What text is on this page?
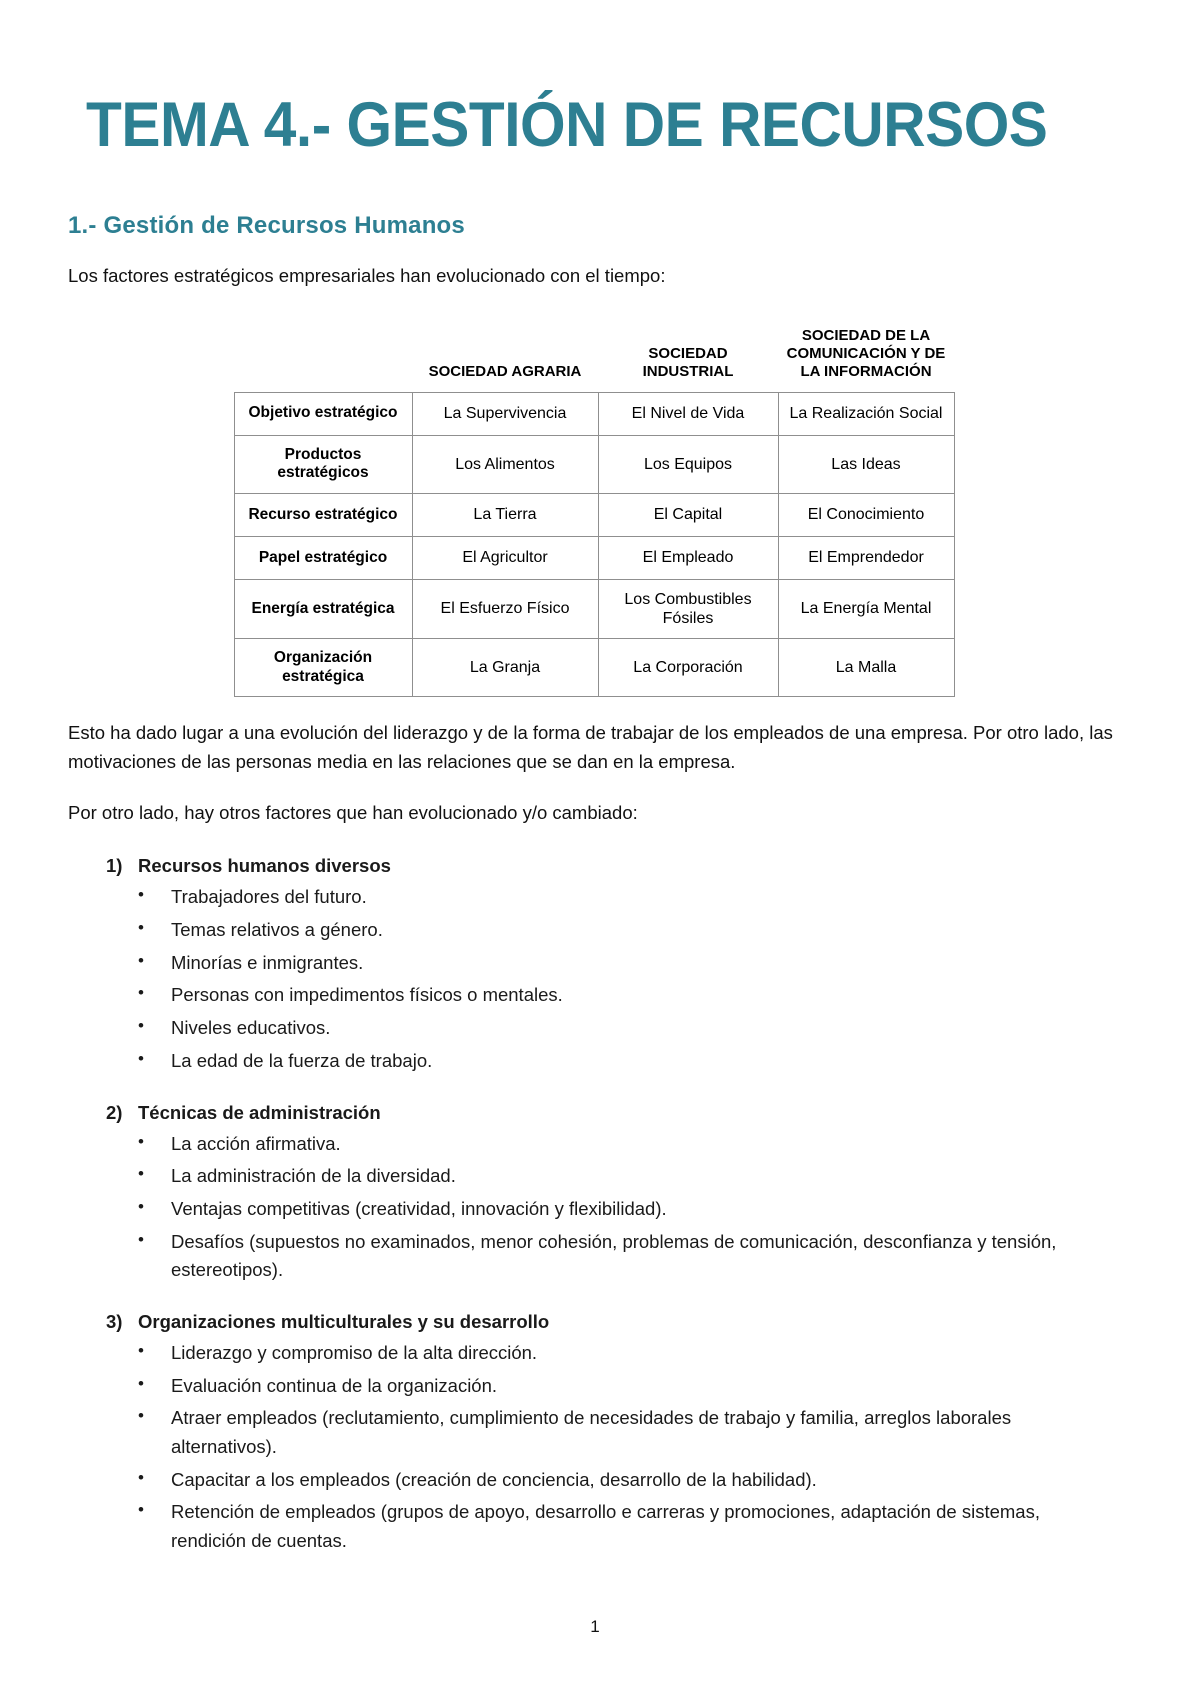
TEMA 4.- GESTIÓN DE RECURSOS
1.- Gestión de Recursos Humanos

Los factores estratégicos empresariales han evolucionado con el tiempo:

	SOCIEDAD AGRARIA	SOCIEDAD INDUSTRIAL	SOCIEDAD DE LA COMUNICACIÓN Y DE LA INFORMACIÓN
Objetivo estratégico	La Supervivencia	El Nivel de Vida	La Realización Social
Productos estratégicos	Los Alimentos	Los Equipos	Las Ideas
Recurso estratégico	La Tierra	El Capital	El Conocimiento
Papel estratégico	El Agricultor	El Empleado	El Emprendedor
Energía estratégica	El Esfuerzo Físico	Los Combustibles Fósiles	La Energía Mental
Organización estratégica	La Granja	La Corporación	La Malla

Esto ha dado lugar a una evolución del liderazgo y de la forma de trabajar de los empleados de una empresa. Por otro lado, las motivaciones de las personas media en las relaciones que se dan en la empresa.

Por otro lado, hay otros factores que han evolucionado y/o cambiado:

1) Recursos humanos diversos
• Trabajadores del futuro.
• Temas relativos a género.
• Minorías e inmigrantes.
• Personas con impedimentos físicos o mentales.
• Niveles educativos.
• La edad de la fuerza de trabajo.
2) Técnicas de administración
• La acción afirmativa.
• La administración de la diversidad.
• Ventajas competitivas (creatividad, innovación y flexibilidad).
• Desafíos (supuestos no examinados, menor cohesión, problemas de comunicación, desconfianza y tensión, estereotipos).
3) Organizaciones multiculturales y su desarrollo
• Liderazgo y compromiso de la alta dirección.
• Evaluación continua de la organización.
• Atraer empleados (reclutamiento, cumplimiento de necesidades de trabajo y familia, arreglos laborales alternativos).
• Capacitar a los empleados (creación de conciencia, desarrollo de la habilidad).
• Retención de empleados (grupos de apoyo, desarrollo e carreras y promociones, adaptación de sistemas, rendición de cuentas.
1
